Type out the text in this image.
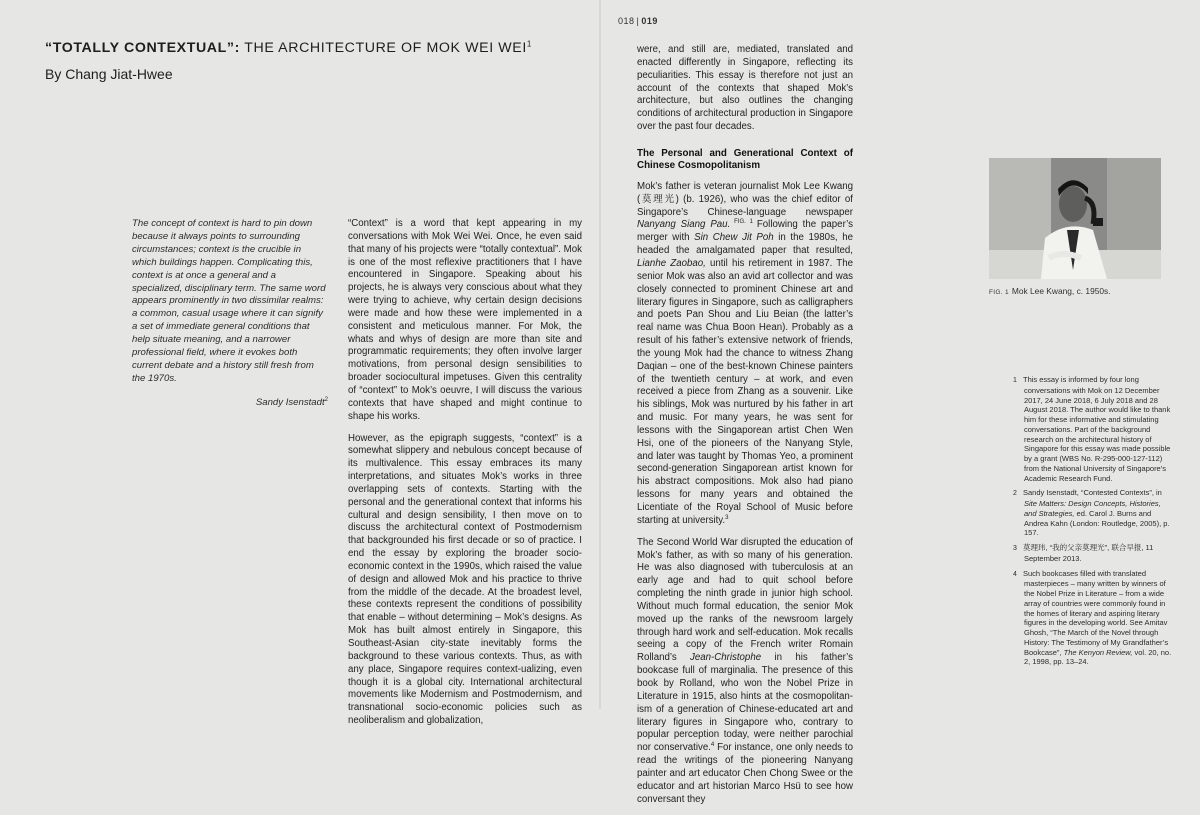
018 | 019
“TOTALLY CONTEXTUAL”: THE ARCHITECTURE OF MOK WEI WEI$^1$
By Chang Jiat-Hwee

The concept of context is hard to pin down because it always points to surrounding circumstances; context is the crucible in which buildings happen. Complicating this, context is at once a general and a specialized, disciplinary term. The same word appears prominently in two dissimilar realms: a common, casual usage where it can signify a set of immediate general conditions that help situate meaning, and a narrower professional field, where it evokes both current debate and a history still fresh from the 1970s.

Sandy Isenstadt$^2$

“Context” is a word that kept appearing in my conversations with Mok Wei Wei. Once, he even said that many of his projects were “totally contextual”. Mok is one of the most reflexive practitioners that I have encountered in Singapore. Speaking about his projects, he is always very conscious about what they were trying to achieve, why certain design decisions were made and how these were implemented in a consistent and meticulous manner. For Mok, the whats and whys of design are more than site and programmatic requirements; they often involve larger motivations, from personal design sensibilities to broader sociocultural impetuses. Given this centrality of “context” to Mok’s oeuvre, I will discuss the various contexts that have shaped and might continue to shape his works.

However, as the epigraph suggests, “context” is a somewhat slippery and nebulous concept because of its multivalence. This essay embraces its many interpretations, and situates Mok’s works in three overlapping sets of contexts. Starting with the personal and the generational context that informs his cultural and design sensibility, I then move on to discuss the architectural context of Postmodernism that backgrounded his first decade or so of practice. I end the essay by exploring the broader socio-economic context in the 1990s, which raised the value of design and allowed Mok and his practice to thrive from the middle of the decade. At the broadest level, these contexts represent the conditions of possibility that enable – without determining – Mok’s designs. As Mok has built almost entirely in Singapore, this Southeast-Asian city-state inevitably forms the background to these various contexts. Thus, as with any place, Singapore requires context-ualizing, even though it is a global city. International architectural movements like Modernism and Postmodernism, and transnational socio-economic policies such as neoliberalism and globalization,

were, and still are, mediated, translated and enacted differently in Singapore, reflecting its peculiarities. This essay is therefore not just an account of the contexts that shaped Mok’s architecture, but also outlines the changing conditions of architectural production in Singapore over the past four decades.

The Personal and Generational Context of Chinese Cosmopolitanism

Mok’s father is veteran journalist Mok Lee Kwang (莫理光) (b. 1926), who was the chief editor of Singapore’s Chinese-language newspaper Nanyang Siang Pau. $^{FIG. 1}$ Following the paper’s merger with Sin Chew Jit Poh in the 1980s, he headed the amalgamated paper that resulted, Lianhe Zaobao, until his retirement in 1987. The senior Mok was also an avid art collector and was closely connected to prominent Chinese art and literary figures in Singapore, such as calligraphers and poets Pan Shou and Liu Beian (the latter’s real name was Chua Boon Hean). Probably as a result of his father’s extensive network of friends, the young Mok had the chance to witness Zhang Daqian – one of the best-known Chinese painters of the twentieth century – at work, and even received a piece from Zhang as a souvenir. Like his siblings, Mok was nurtured by his father in art and music. For many years, he was sent for lessons with the Singaporean artist Chen Wen Hsi, one of the pioneers of the Nanyang Style, and later was taught by Thomas Yeo, a prominent second-generation Singaporean artist known for his abstract compositions. Mok also had piano lessons for many years and obtained the Licentiate of the Royal School of Music before starting at university.$^3$

The Second World War disrupted the education of Mok’s father, as with so many of his generation. He was also diagnosed with tuberculosis at an early age and had to quit school before completing the ninth grade in junior high school. Without much formal education, the senior Mok moved up the ranks of the newsroom largely through hard work and self-education. Mok recalls seeing a copy of the French writer Romain Rolland’s Jean-Christophe in his father’s bookcase full of marginalia. The presence of this book by Rolland, who won the Nobel Prize in Literature in 1915, also hints at the cosmopolitan-ism of a generation of Chinese-educated art and literary figures in Singapore who, contrary to popular perception today, were neither parochial nor conservative.$^4$ For instance, one only needs to read the writings of the pioneering Nanyang painter and art educator Chen Chong Swee or the educator and art historian Marco Hsü to see how conversant they

FIG. 1 Mok Lee Kwang, c. 1950s.

1 This essay is informed by four long conversations with Mok on 12 December 2017, 24 June 2018, 6 July 2018 and 28 August 2018. The author would like to thank him for these informative and stimulating conversations. Part of the background research on the architectural history of Singapore for this essay was made possible by a grant (WBS No. R-295-000-127-112) from the National University of Singapore’s Academic Research Fund.

2 Sandy Isenstadt, “Contested Contexts”, in Site Matters: Design Concepts, Histories, and Strategies, ed. Carol J. Burns and Andrea Kahn (London: Routledge, 2005), p. 157.

3 莫理玮, “我的父亲莫理光”, 联合早报, 11 September 2013.

4 Such bookcases filled with translated masterpieces – many written by winners of the Nobel Prize in Literature – from a wide array of countries were commonly found in the homes of literary and aspiring literary figures in the developing world. See Amitav Ghosh, “The March of the Novel through History: The Testimony of My Grandfather’s Bookcase”, The Kenyon Review, vol. 20, no. 2, 1998, pp. 13–24.
